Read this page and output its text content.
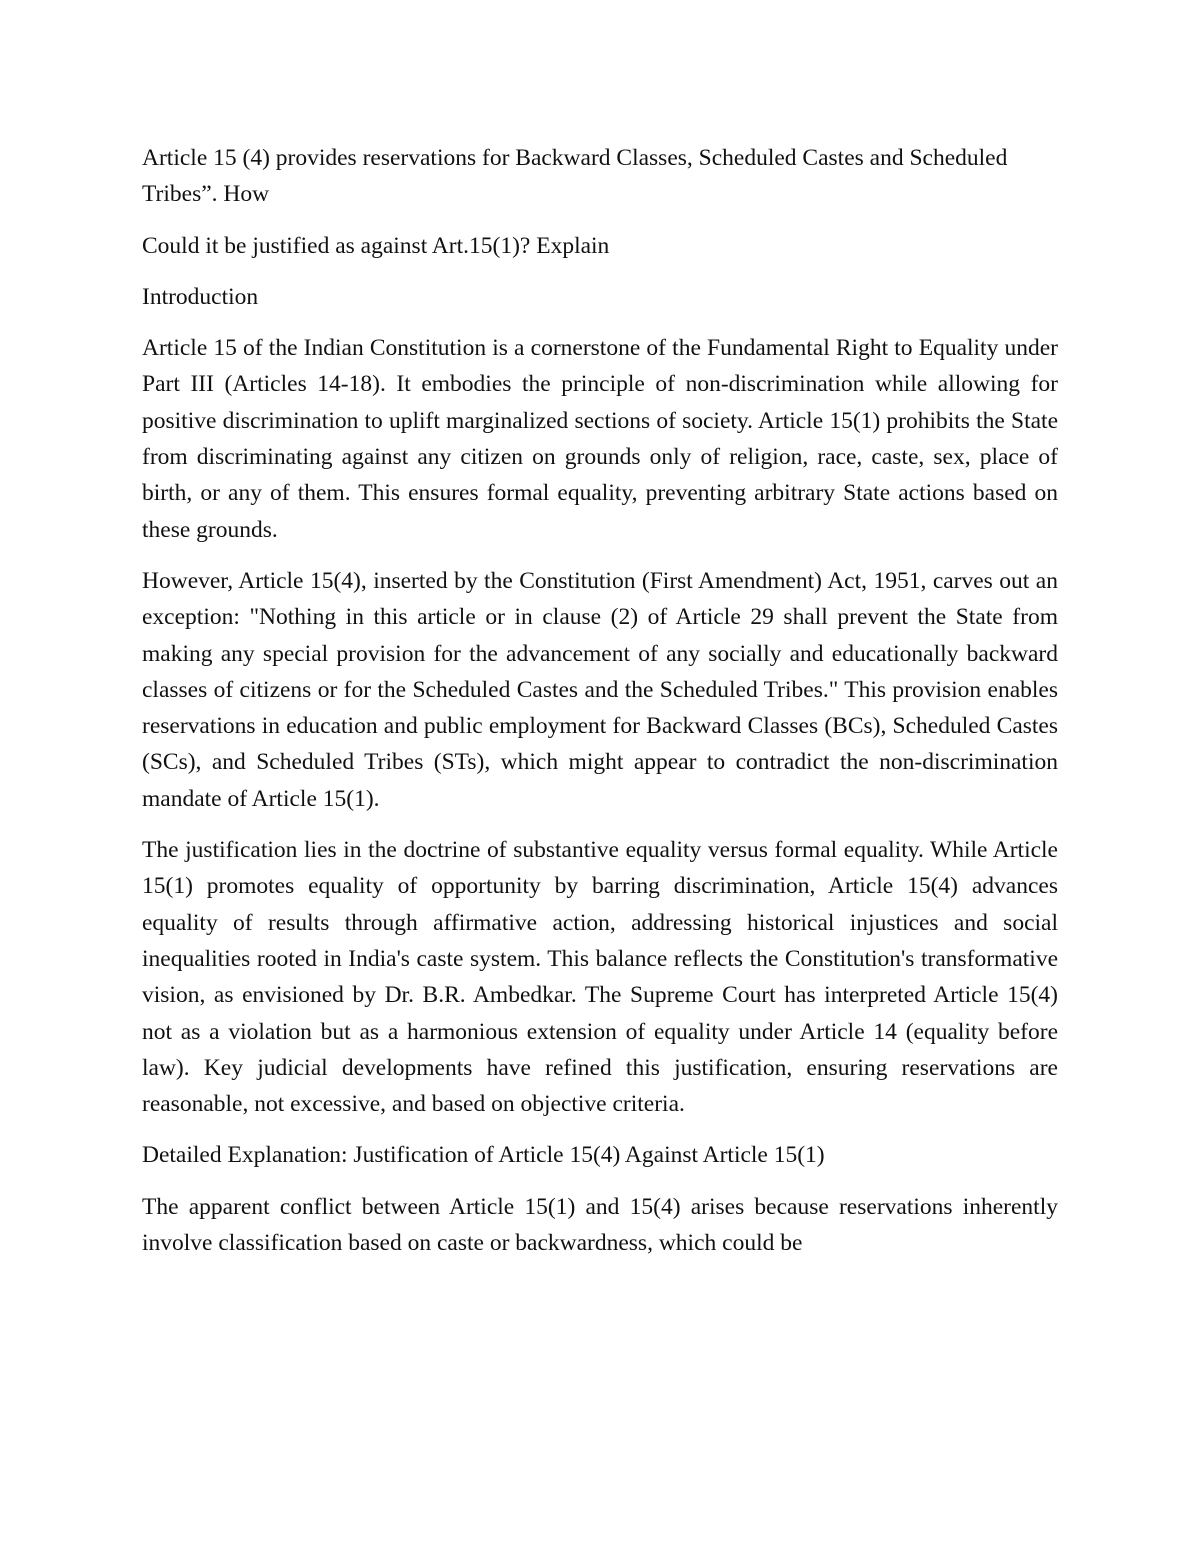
Article 15 (4) provides reservations for Backward Classes, Scheduled Castes and Scheduled Tribes”. How

Could it be justified as against Art.15(1)? Explain

Introduction

Article 15 of the Indian Constitution is a cornerstone of the Fundamental Right to Equality under Part III (Articles 14-18). It embodies the principle of non-discrimination while allowing for positive discrimination to uplift marginalized sections of society. Article 15(1) prohibits the State from discriminating against any citizen on grounds only of religion, race, caste, sex, place of birth, or any of them. This ensures formal equality, preventing arbitrary State actions based on these grounds.

However, Article 15(4), inserted by the Constitution (First Amendment) Act, 1951, carves out an exception: "Nothing in this article or in clause (2) of Article 29 shall prevent the State from making any special provision for the advancement of any socially and educationally backward classes of citizens or for the Scheduled Castes and the Scheduled Tribes." This provision enables reservations in education and public employment for Backward Classes (BCs), Scheduled Castes (SCs), and Scheduled Tribes (STs), which might appear to contradict the non-discrimination mandate of Article 15(1).

The justification lies in the doctrine of substantive equality versus formal equality. While Article 15(1) promotes equality of opportunity by barring discrimination, Article 15(4) advances equality of results through affirmative action, addressing historical injustices and social inequalities rooted in India's caste system. This balance reflects the Constitution's transformative vision, as envisioned by Dr. B.R. Ambedkar. The Supreme Court has interpreted Article 15(4) not as a violation but as a harmonious extension of equality under Article 14 (equality before law). Key judicial developments have refined this justification, ensuring reservations are reasonable, not excessive, and based on objective criteria.

Detailed Explanation: Justification of Article 15(4) Against Article 15(1)

The apparent conflict between Article 15(1) and 15(4) arises because reservations inherently involve classification based on caste or backwardness, which could be
